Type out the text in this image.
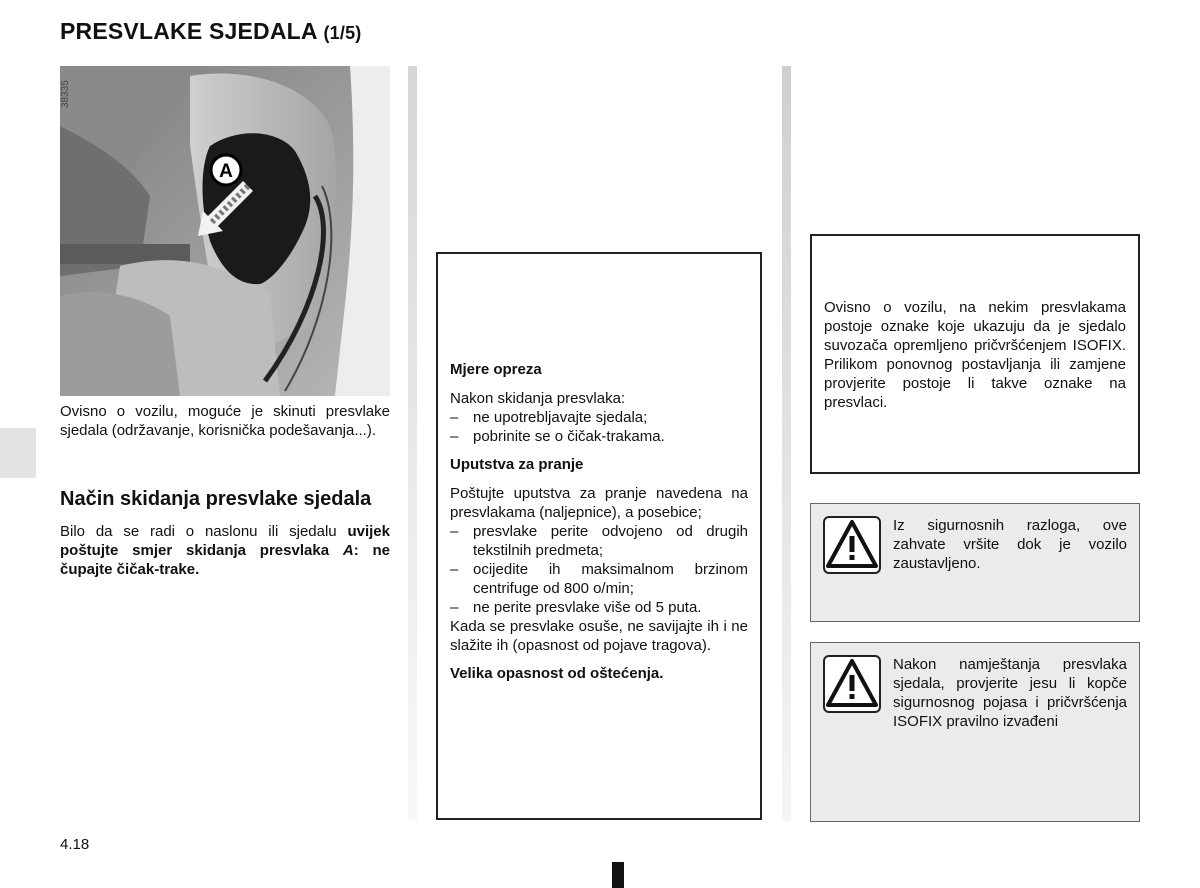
PRESVLAKE SJEDALA (1/5)
A
38335

Ovisno o vozilu, moguće je skinuti presvlake sjedala (održavanje, korisnička podešavanja...).

Način skidanja presvlake sjedala

Bilo da se radi o naslonu ili sjedalu uvijek poštujte smjer skidanja presvlaka A: ne čupajte čičak-trake.

Mjere opreza

Nakon skidanja presvlaka:

– ne upotrebljavajte sjedala;
– pobrinite se o čičak-trakama.

Uputstva za pranje

Poštujte uputstva za pranje navedena na presvlakama (naljepnice), a posebice;

– presvlake perite odvojeno od drugih tekstilnih predmeta;
– ocijedite ih maksimalnom brzinom centrifuge od 800 o/min;
– ne perite presvlake više od 5 puta.

Kada se presvlake osuše, ne savijajte ih i ne slažite ih (opasnost od pojave tragova).

Velika opasnost od oštećenja.

Ovisno o vozilu, na nekim presvlakama postoje oznake koje ukazuju da je sjedalo suvozača opremljeno pričvršćenjem ISOFIX. Prilikom ponovnog postavljanja ili zamjene provjerite postoje li takve oznake na presvlaci.

Iz sigurnosnih razloga, ove zahvate vršite dok je vozilo zaustavljeno.

Nakon namještanja presvlaka sjedala, provjerite jesu li kopče sigurnosnog pojasa i pričvršćenja ISOFIX pravilno izvađeni

4.18
